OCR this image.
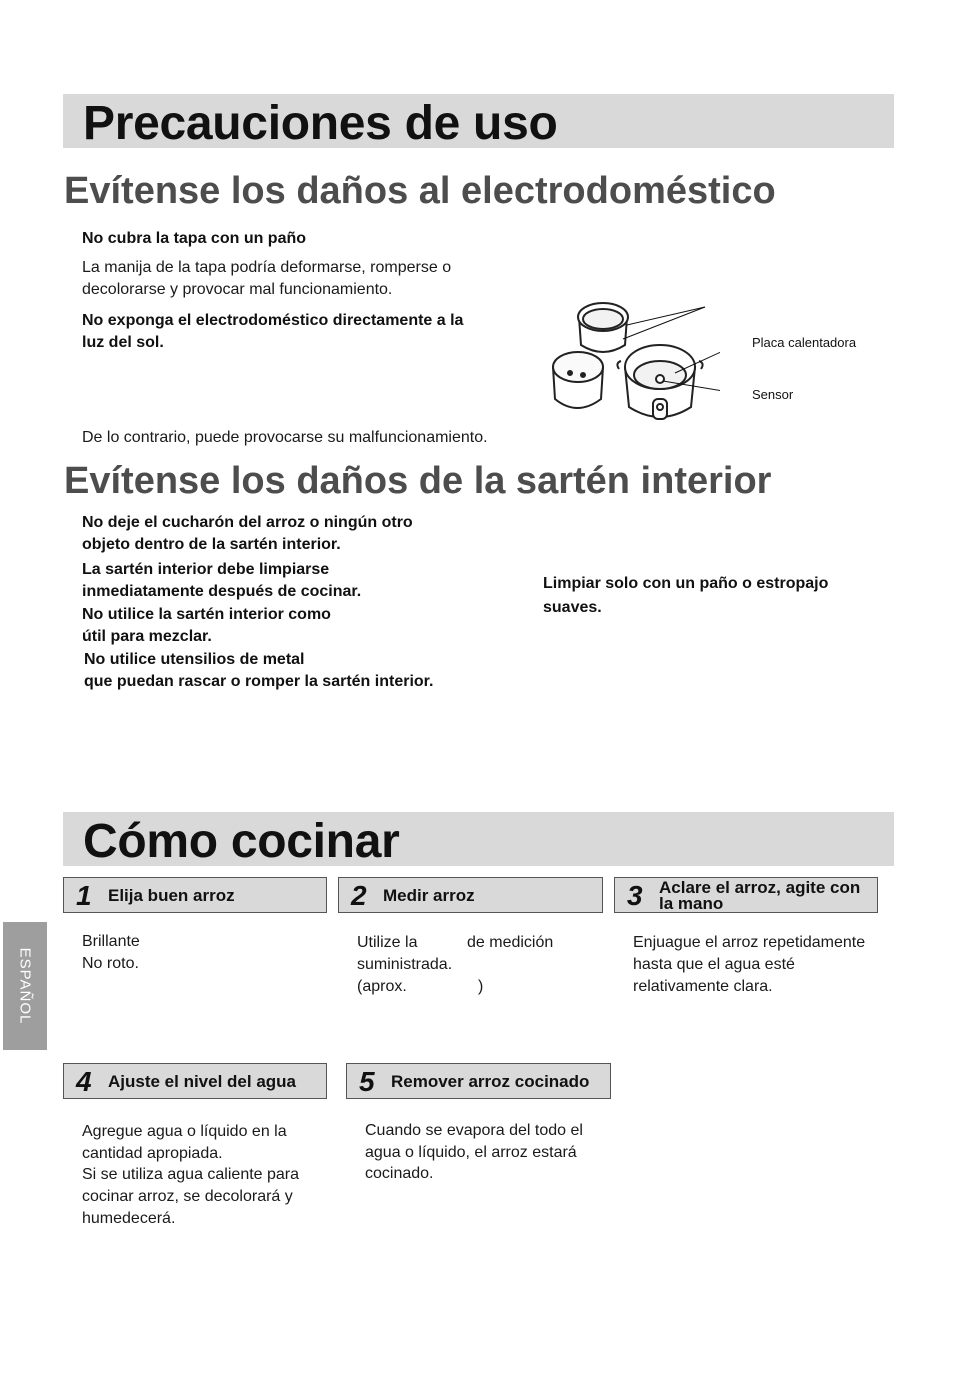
Precauciones de uso
Evítense los daños al electrodoméstico

No cubra la tapa con un paño

La manija de la tapa podría deformarse, romperse o

decolorarse y provocar mal funcionamiento.

No exponga el electrodoméstico directamente a la

luz del sol.	Placa calentadora
Sensor

De lo contrario, puede provocarse su malfuncionamiento.

Evítense los daños de la sartén interior

No deje el cucharón del arroz o ningún otro

objeto dentro de la sartén interior.

La sartén interior debe limpiarse

inmediatamente después de cocinar.

No utilice la sartén interior como

útil para mezclar.

No utilice utensilios de metal

que puedan rascar o romper la sartén interior.

Limpiar solo con un paño o estropajo

suaves.

Cómo cocinar
ESPAÑOL
1 Elija buen arroz

Brillante

No roto.

2 Medir arroz

Utilize la	de medición

suministrada.

(aprox.	)

3 Aclare el arroz, agite con
la mano

Enjuague el arroz repetidamente

hasta que el agua esté

relativamente clara.

4 Ajuste el nivel del agua

Agregue agua o líquido en la

cantidad apropiada.

Si se utiliza agua caliente para

cocinar arroz, se decolorará y

humedecerá.

5 Remover arroz cocinado

Cuando se evapora del todo el

agua o líquido, el arroz estará

cocinado.
